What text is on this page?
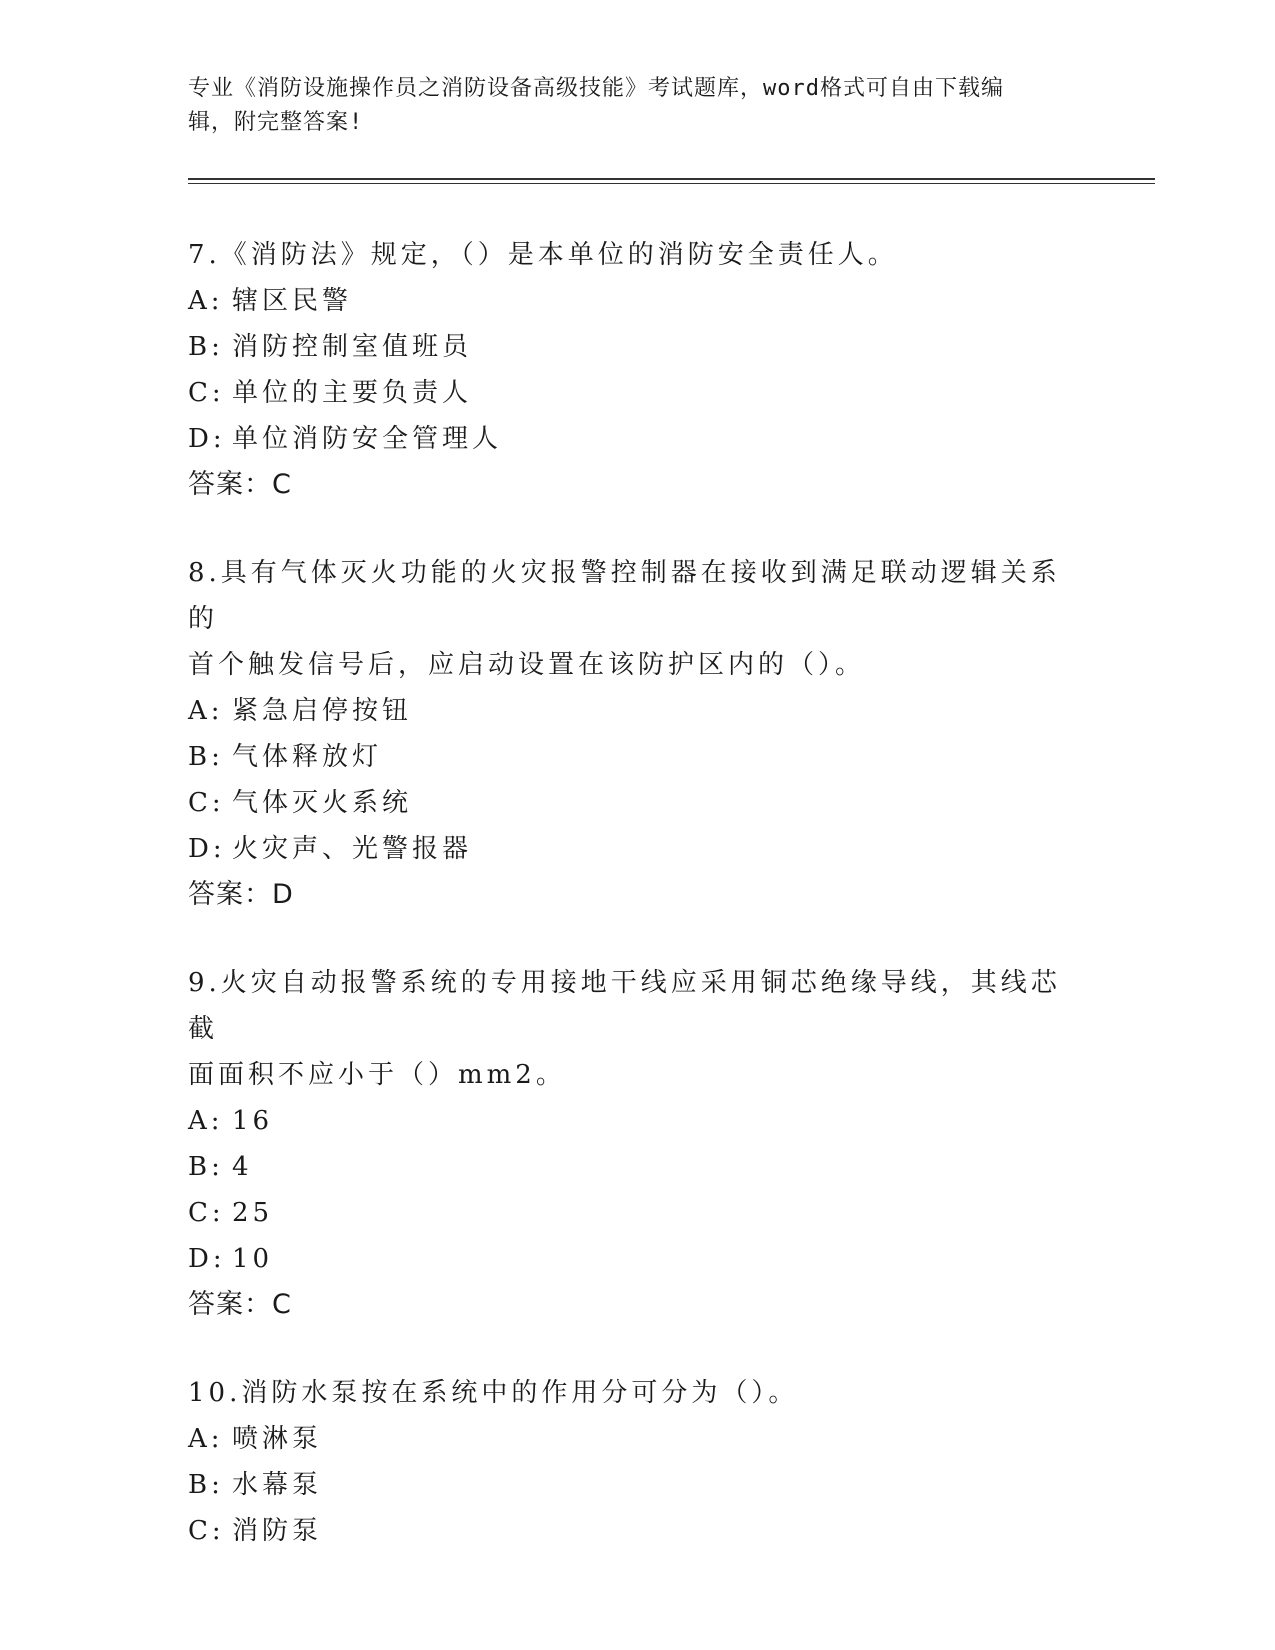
专业《消防设施操作员之消防设备高级技能》考试题库，word格式可自由下载编
辑，附完整答案!
7.《消防法》规定，（）是本单位的消防安全责任人。
A: 辖区民警
B: 消防控制室值班员
C: 单位的主要负责人
D: 单位消防安全管理人
答案：C
8.具有气体灭火功能的火灾报警控制器在接收到满足联动逻辑关系的
首个触发信号后，应启动设置在该防护区内的（）。
A: 紧急启停按钮
B: 气体释放灯
C: 气体灭火系统
D: 火灾声、光警报器
答案：D
9.火灾自动报警系统的专用接地干线应采用铜芯绝缘导线，其线芯截
面面积不应小于（）mm2。
A: 16
B: 4
C: 25
D: 10
答案：C
10.消防水泵按在系统中的作用分可分为（）。
A: 喷淋泵
B: 水幕泵
C: 消防泵
